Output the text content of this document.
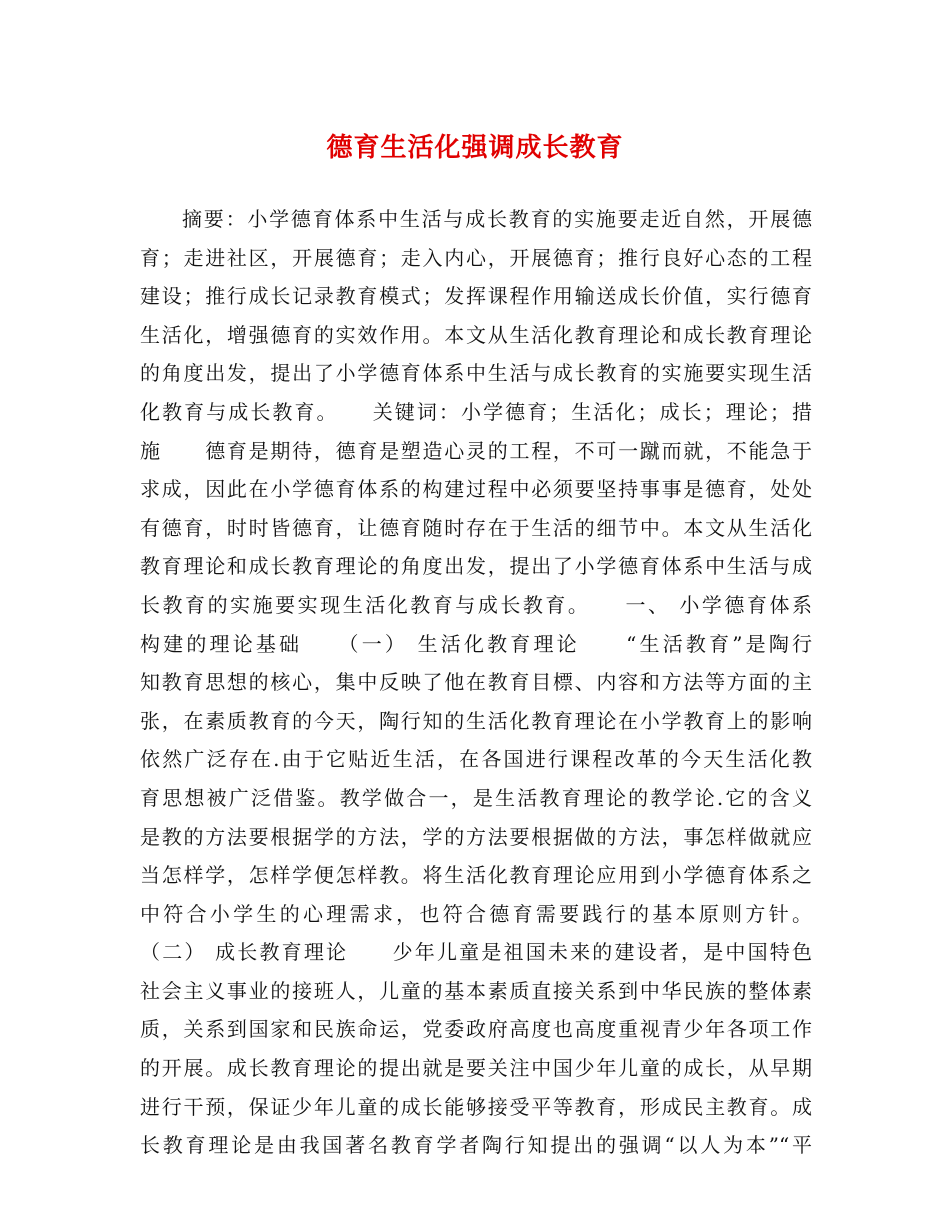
德育生活化强调成长教育
摘要：小学德育体系中生活与成长教育的实施要走近自然，开展德
育；走进社区，开展德育；走入内心，开展德育；推行良好心态的工程
建设；推行成长记录教育模式；发挥课程作用输送成长价值，实行德育
生活化，增强德育的实效作用。本文从生活化教育理论和成长教育理论
的角度出发，提出了小学德育体系中生活与成长教育的实施要实现生活
化教育与成长教育。　　关键词：小学德育；生活化；成长；理论；措
施　　德育是期待，德育是塑造心灵的工程，不可一蹴而就，不能急于
求成，因此在小学德育体系的构建过程中必须要坚持事事是德育，处处
有德育，时时皆德育，让德育随时存在于生活的细节中。本文从生活化
教育理论和成长教育理论的角度出发，提出了小学德育体系中生活与成
长教育的实施要实现生活化教育与成长教育。　　一、 小学德育体系
构建的理论基础　　（一） 生活化教育理论　　“生活教育”是陶行
知教育思想的核心，集中反映了他在教育目標、内容和方法等方面的主
张，在素质教育的今天，陶行知的生活化教育理论在小学教育上的影响
依然广泛存在.由于它贴近生活，在各国进行课程改革的今天生活化教
育思想被广泛借鉴。教学做合一，是生活教育理论的教学论.它的含义
是教的方法要根据学的方法，学的方法要根据做的方法，事怎样做就应
当怎样学，怎样学便怎样教。将生活化教育理论应用到小学德育体系之
中符合小学生的心理需求，也符合德育需要践行的基本原则方针。
（二） 成长教育理论　　少年儿童是祖国未来的建设者，是中国特色
社会主义事业的接班人，儿童的基本素质直接关系到中华民族的整体素
质，关系到国家和民族命运，党委政府高度也高度重视青少年各项工作
的开展。成长教育理论的提出就是要关注中国少年儿童的成长，从早期
进行干预，保证少年儿童的成长能够接受平等教育，形成民主教育。成
长教育理论是由我国著名教育学者陶行知提出的强调“以人为本”“平
